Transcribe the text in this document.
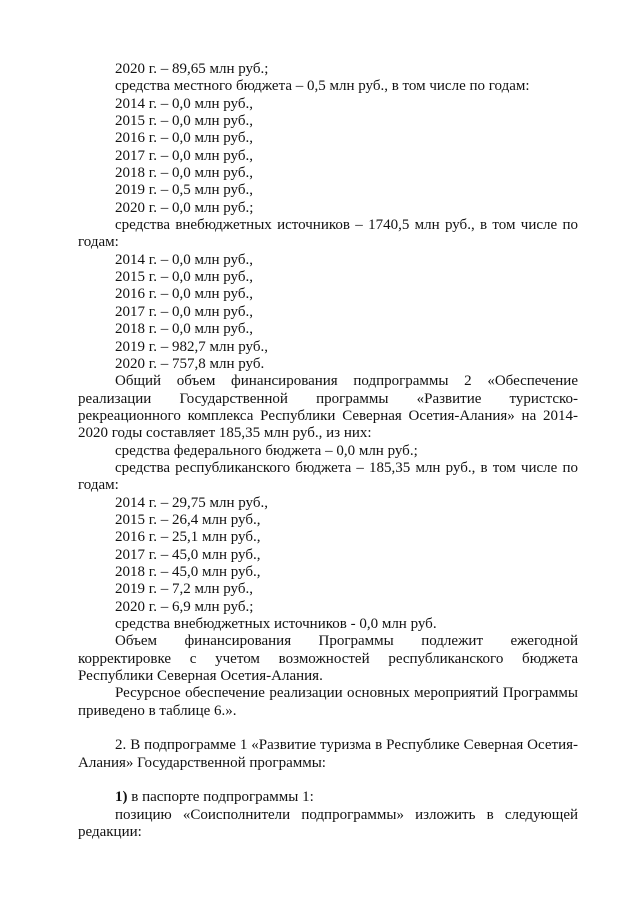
2020 г. – 89,65 млн руб.;
средства местного бюджета – 0,5 млн руб., в том числе по годам:
2014 г. – 0,0 млн руб.,
2015 г. – 0,0 млн руб.,
2016 г. – 0,0 млн руб.,
2017 г. – 0,0 млн руб.,
2018 г. – 0,0 млн руб.,
2019 г. – 0,5 млн руб.,
2020 г. – 0,0 млн руб.;
средства внебюджетных источников – 1740,5 млн руб., в том числе по
годам:
2014 г. – 0,0 млн руб.,
2015 г. – 0,0 млн руб.,
2016 г. – 0,0 млн руб.,
2017 г. – 0,0 млн руб.,
2018 г. – 0,0 млн руб.,
2019 г. – 982,7 млн руб.,
2020 г. – 757,8 млн руб.
Общий объем финансирования подпрограммы 2 «Обеспечение
реализации Государственной программы «Развитие туристско-
рекреационного комплекса Республики Северная Осетия-Алания» на 2014-
2020 годы составляет 185,35 млн руб., из них:
средства федерального бюджета – 0,0 млн руб.;
средства республиканского бюджета – 185,35 млн руб., в том числе по
годам:
2014 г. – 29,75 млн руб.,
2015 г. – 26,4 млн руб.,
2016 г. – 25,1 млн руб.,
2017 г. – 45,0 млн руб.,
2018 г. – 45,0 млн руб.,
2019 г. – 7,2 млн руб.,
2020 г. – 6,9 млн руб.;
средства внебюджетных источников - 0,0 млн руб.
Объем финансирования Программы подлежит ежегодной
корректировке с учетом возможностей республиканского бюджета
Республики Северная Осетия-Алания.
Ресурсное обеспечение реализации основных мероприятий Программы
приведено в таблице 6.».
2. В подпрограмме 1 «Развитие туризма в Республике Северная Осетия-
Алания» Государственной программы:
1) в паспорте подпрограммы 1:
позицию «Соисполнители подпрограммы» изложить в следующей
редакции:
